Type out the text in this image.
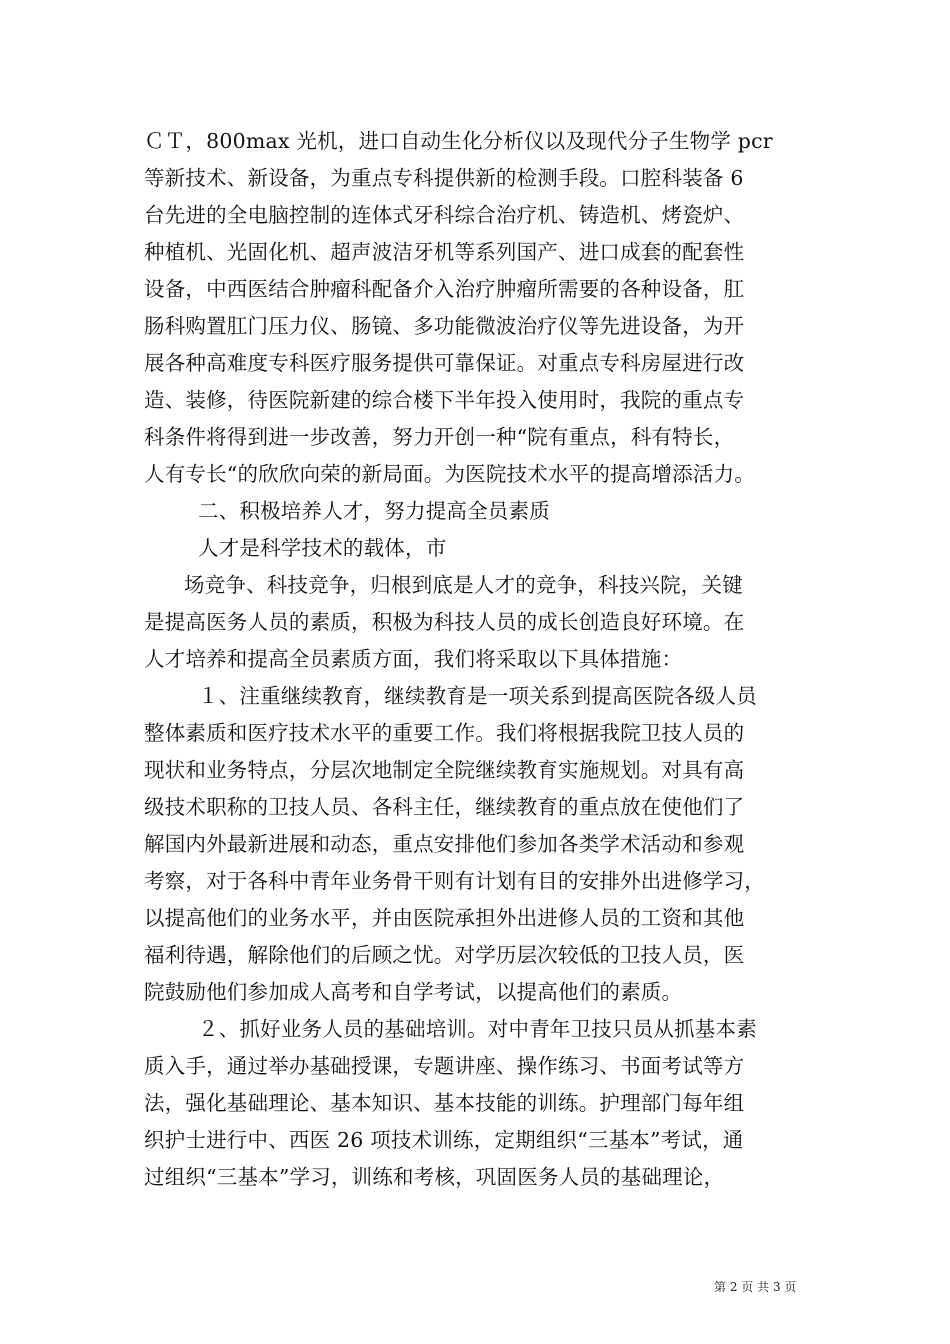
ＣＴ，800max 光机，进口自动生化分析仪以及现代分子生物学 pcr
等新技术、新设备，为重点专科提供新的检测手段。口腔科装备 6
台先进的全电脑控制的连体式牙科综合治疗机、铸造机、烤瓷炉、
种植机、光固化机、超声波洁牙机等系列国产、进口成套的配套性
设备，中西医结合肿瘤科配备介入治疗肿瘤所需要的各种设备，肛
肠科购置肛门压力仪、肠镜、多功能微波治疗仪等先进设备，为开
展各种高难度专科医疗服务提供可靠保证。对重点专科房屋进行改
造、装修，待医院新建的综合楼下半年投入使用时，我院的重点专
科条件将得到进一步改善，努力开创一种“院有重点，科有特长，
人有专长“的欣欣向荣的新局面。为医院技术水平的提高增添活力。
二、积极培养人才，努力提高全员素质
人才是科学技术的载体，市
场竞争、科技竞争，归根到底是人才的竞争，科技兴院，关键
是提高医务人员的素质，积极为科技人员的成长创造良好环境。在
人才培养和提高全员素质方面，我们将采取以下具体措施：
１、注重继续教育，继续教育是一项关系到提高医院各级人员
整体素质和医疗技术水平的重要工作。我们将根据我院卫技人员的
现状和业务特点，分层次地制定全院继续教育实施规划。对具有高
级技术职称的卫技人员、各科主任，继续教育的重点放在使他们了
解国内外最新进展和动态，重点安排他们参加各类学术活动和参观
考察，对于各科中青年业务骨干则有计划有目的安排外出进修学习，
以提高他们的业务水平，并由医院承担外出进修人员的工资和其他
福利待遇，解除他们的后顾之忧。对学历层次较低的卫技人员，医
院鼓励他们参加成人高考和自学考试，以提高他们的素质。
２、抓好业务人员的基础培训。对中青年卫技只员从抓基本素
质入手，通过举办基础授课，专题讲座、操作练习、书面考试等方
法，强化基础理论、基本知识、基本技能的训练。护理部门每年组
织护士进行中、西医 26 项技术训练，定期组织“三基本”考试，通
过组织“三基本”学习，训练和考核，巩固医务人员的基础理论，
第 2 页 共 3 页
